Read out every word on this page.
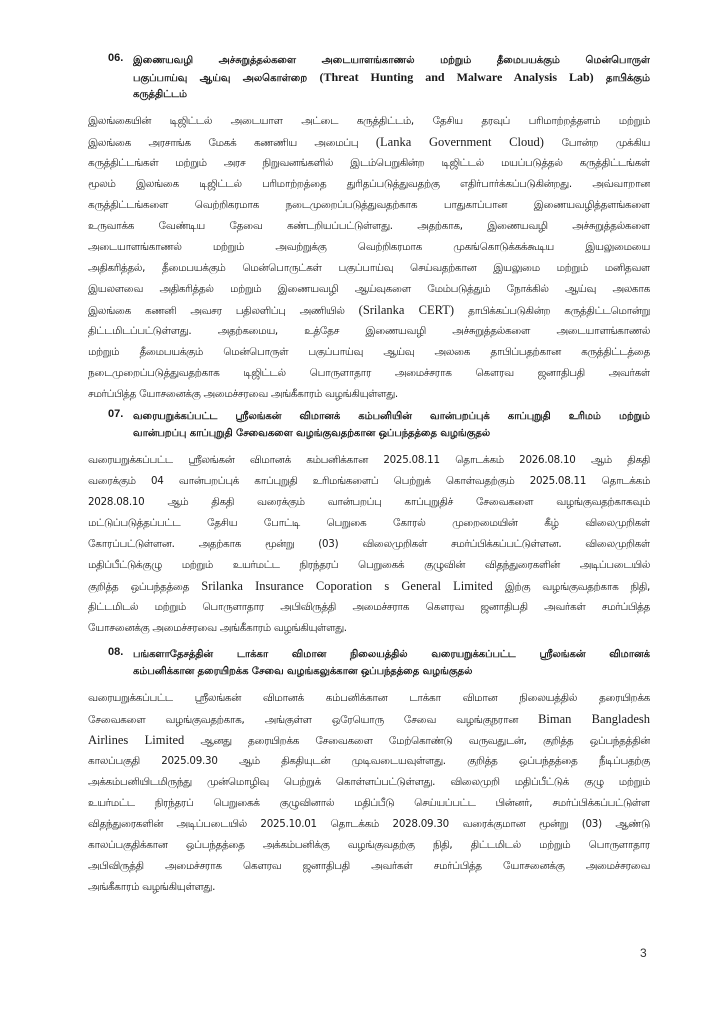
06. இணையவழி அச்சுறுத்தல்களை அடையாளங்காணல் மற்றும் தீமைபயக்கும் மென்பொருள்
பகுப்பாய்வு ஆய்வு அலகொள்றை (Threat Hunting and Malware Analysis Lab) தாபிக்கும்
கருத்திட்டம்
இலங்கையின் டிஜிட்டல் அடையாள அட்டை கருத்திட்டம், தேசிய தரவுப் பரிமாற்றத்தளம் மற்றும்
இலங்கை அரசாங்க மேகக் கணணிய அமைப்பு (Lanka Government Cloud) போன்ற முக்கிய
கருத்திட்டங்கள் மற்றும் அரச நிறுவனங்களில் இடம்பெறுகின்ற டிஜிட்டல் மயப்படுத்தல் கருத்திட்டங்கள்
மூலம் இலங்கை டிஜிட்டல் பரிமாற்றத்தை துரிதப்படுத்துவதற்கு எதிர்பார்க்கப்படுகின்றது. அவ்வாறான
கருத்திட்டங்களை வெற்றிகரமாக நடைமுறைப்படுத்துவதற்காக பாதுகாப்பான இணையவழித்தளங்களை
உருவாக்க வேண்டிய தேவை கண்டறியப்பட்டுள்ளது. அதற்காக, இணையவழி அச்சுறுத்தல்களை
அடையாளங்காணல் மற்றும் அவற்றுக்கு வெற்றிகரமாக முகங்கொடுக்கக்கூடிய இயலுமையை
அதிகரித்தல், தீமைபயக்கும் மென்பொருட்கள் பகுப்பாய்வு செய்வதற்கான இயலுமை மற்றும் மனிதவள
இயலளவை அதிகரித்தல் மற்றும் இணையவழி ஆய்வுகளை மேம்படுத்தும் நோக்கில் ஆய்வு அலகாக
இலங்கை கணனி அவசர பதிலளிப்பு அணியில் (Srilanka CERT) தாபிக்கப்படுகின்ற கருத்திட்டமொன்று
திட்டமிடப்பட்டுள்ளது. அதற்கமைய, உத்தேச இணையவழி அச்சுறுத்தல்களை அடையாளங்காணல்
மற்றும் தீமைபயக்கும் மென்பொருள் பகுப்பாய்வு ஆய்வு அலகை தாபிப்பதற்கான கருத்திட்டத்தை
நடைமுறைப்படுத்துவதற்காக டிஜிட்டல் பொருளாதார அமைச்சராக கௌரவ ஜனாதிபதி அவர்கள்
சமர்ப்பித்த யோசனைக்கு அமைச்சரவை அங்கீகாரம் வழங்கியுள்ளது.
07. வரையறுக்கப்பட்ட ஸ்ரீலங்கன் விமானக் கம்பனியின் வான்பறப்புக் காப்புறுதி உரிமம் மற்றும்
வான்பறப்பு காப்புறுதி சேவைகளை வழங்குவதற்கான ஒப்பந்தத்தை வழங்குதல்
வரையறுக்கப்பட்ட ஸ்ரீலங்கன் விமானக் கம்பனிக்கான 2025.08.11 தொடக்கம் 2026.08.10 ஆம் திகதி
வரைக்கும் 04 வான்பறப்புக் காப்புறுதி உரிமங்களைப் பெற்றுக் கொள்வதற்கும் 2025.08.11 தொடக்கம்
2028.08.10 ஆம் திகதி வரைக்கும் வான்பறப்பு காப்புறுதிச் சேவைகளை வழங்குவதற்காகவும்
மட்டுப்படுத்தப்பட்ட தேசிய போட்டி பெறுகை கோரல் முறைமையின் கீழ் விலைமுறிகள்
கோரப்பட்டுள்ளன. அதற்காக மூன்று (03) விலைமுறிகள் சமர்ப்பிக்கப்பட்டுள்ளன. விலைமுறிகள்
மதிப்பீட்டுக்குழு மற்றும் உயர்மட்ட நிரந்தரப் பெறுகைக் குழுவின் விதந்துரைகளின் அடிப்படையில்
குறித்த ஒப்பந்தத்தை Srilanka Insurance Coporation s General Limited இற்கு வழங்குவதற்காக நிதி,
திட்டமிடல் மற்றும் பொருளாதார அபிவிருத்தி அமைச்சராக கௌரவ ஜனாதிபதி அவர்கள் சமர்ப்பித்த
யோசனைக்கு அமைச்சரவை அங்கீகாரம் வழங்கியுள்ளது.
08. பங்களாதேசத்தின் டாக்கா விமான நிலையத்தில் வரையறுக்கப்பட்ட ஸ்ரீலங்கன் விமானக்
கம்பனிக்கான தரையிறக்க சேவை வழங்கலுக்கான ஒப்பந்தத்தை வழங்குதல்
வரையறுக்கப்பட்ட ஸ்ரீலங்கன் விமானக் கம்பனிக்கான டாக்கா விமான நிலையத்தில் தரையிறக்க
சேவைகளை வழங்குவதற்காக, அங்குள்ள ஒரேயொரு சேவை வழங்குநரான Biman Bangladesh
Airlines Limited ஆனது தரையிறக்க சேவைகளை மேற்கொண்டு வருவதுடன், குறித்த ஒப்பந்தத்தின்
காலப்பகுதி 2025.09.30 ஆம் திகதியுடன் முடிவடையவுள்ளது. குறித்த ஒப்பந்தத்தை நீடிப்பதற்கு
அக்கம்பனியிடமிருந்து முன்மொழிவு பெற்றுக் கொள்ளப்பட்டுள்ளது. விலைமுறி மதிப்பீட்டுக் குழு மற்றும்
உயர்மட்ட நிரந்தரப் பெறுகைக் குழுவினால் மதிப்பீடு செய்யப்பட்ட பின்னர், சமர்ப்பிக்கப்பட்டுள்ள
விதந்துரைகளின் அடிப்படையில் 2025.10.01 தொடக்கம் 2028.09.30 வரைக்குமான மூன்று (03) ஆண்டு
காலப்பகுதிக்கான ஒப்பந்தத்தை அக்கம்பனிக்கு வழங்குவதற்கு நிதி, திட்டமிடல் மற்றும் பொருளாதார
அபிவிருத்தி அமைச்சராக கௌரவ ஜனாதிபதி அவர்கள் சமர்ப்பித்த யோசனைக்கு அமைச்சரவை
அங்கீகாரம் வழங்கியுள்ளது.
3
